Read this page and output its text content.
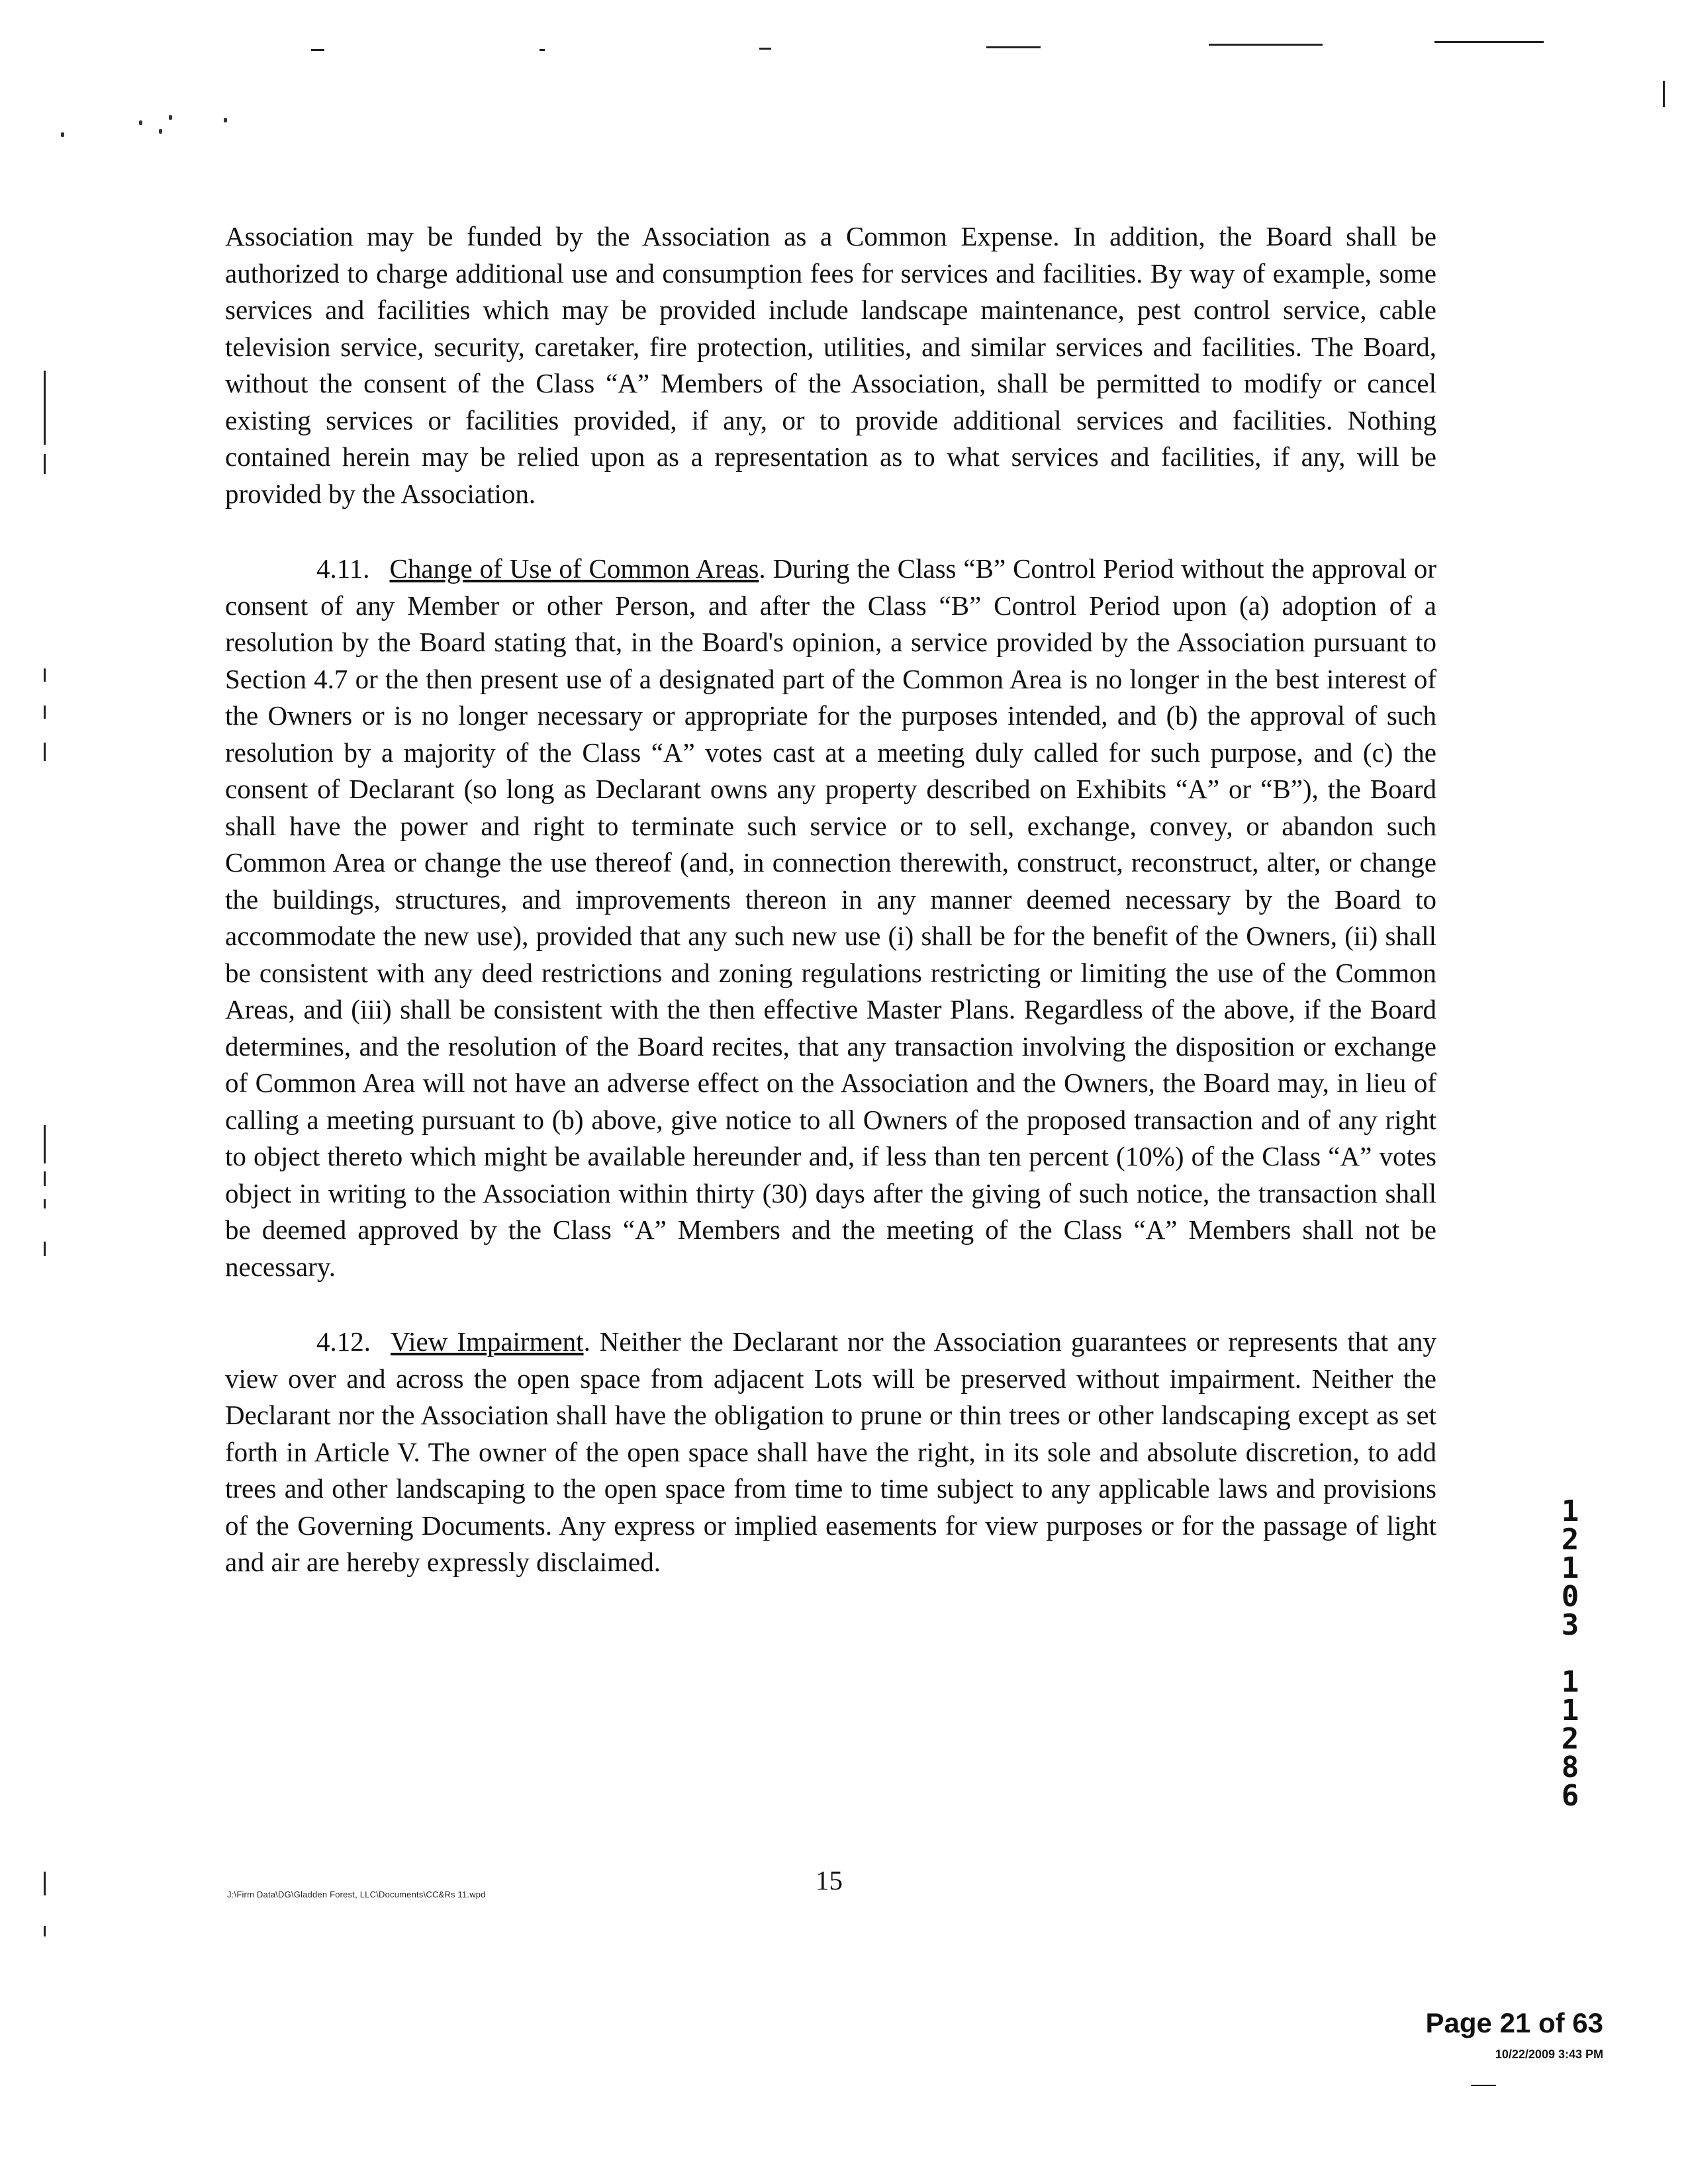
Association may be funded by the Association as a Common Expense. In addition, the Board shall be authorized to charge additional use and consumption fees for services and facilities. By way of example, some services and facilities which may be provided include landscape maintenance, pest control service, cable television service, security, caretaker, fire protection, utilities, and similar services and facilities. The Board, without the consent of the Class “A” Members of the Association, shall be permitted to modify or cancel existing services or facilities provided, if any, or to provide additional services and facilities. Nothing contained herein may be relied upon as a representation as to what services and facilities, if any, will be provided by the Association.

4.11. Change of Use of Common Areas. During the Class “B” Control Period without the approval or consent of any Member or other Person, and after the Class “B” Control Period upon (a) adoption of a resolution by the Board stating that, in the Board's opinion, a service provided by the Association pursuant to Section 4.7 or the then present use of a designated part of the Common Area is no longer in the best interest of the Owners or is no longer necessary or appropriate for the purposes intended, and (b) the approval of such resolution by a majority of the Class “A” votes cast at a meeting duly called for such purpose, and (c) the consent of Declarant (so long as Declarant owns any property described on Exhibits “A” or “B”), the Board shall have the power and right to terminate such service or to sell, exchange, convey, or abandon such Common Area or change the use thereof (and, in connection therewith, construct, reconstruct, alter, or change the buildings, structures, and improvements thereon in any manner deemed necessary by the Board to accommodate the new use), provided that any such new use (i) shall be for the benefit of the Owners, (ii) shall be consistent with any deed restrictions and zoning regulations restricting or limiting the use of the Common Areas, and (iii) shall be consistent with the then effective Master Plans. Regardless of the above, if the Board determines, and the resolution of the Board recites, that any transaction involving the disposition or exchange of Common Area will not have an adverse effect on the Association and the Owners, the Board may, in lieu of calling a meeting pursuant to (b) above, give notice to all Owners of the proposed transaction and of any right to object thereto which might be available hereunder and, if less than ten percent (10%) of the Class “A” votes object in writing to the Association within thirty (30) days after the giving of such notice, the transaction shall be deemed approved by the Class “A” Members and the meeting of the Class “A” Members shall not be necessary.

4.12. View Impairment. Neither the Declarant nor the Association guarantees or represents that any view over and across the open space from adjacent Lots will be preserved without impairment. Neither the Declarant nor the Association shall have the obligation to prune or thin trees or other landscaping except as set forth in Article V. The owner of the open space shall have the right, in its sole and absolute discretion, to add trees and other landscaping to the open space from time to time subject to any applicable laws and provisions of the Governing Documents. Any express or implied easements for view purposes or for the passage of light and air are hereby expressly disclaimed.

1
2
1
0
3
1
1
2
8
6
J:\Firm Data\DG\Gladden Forest, LLC\Documents\CC&Rs 11.wpd	15
Page 21 of 63
10/22/2009 3:43 PM
